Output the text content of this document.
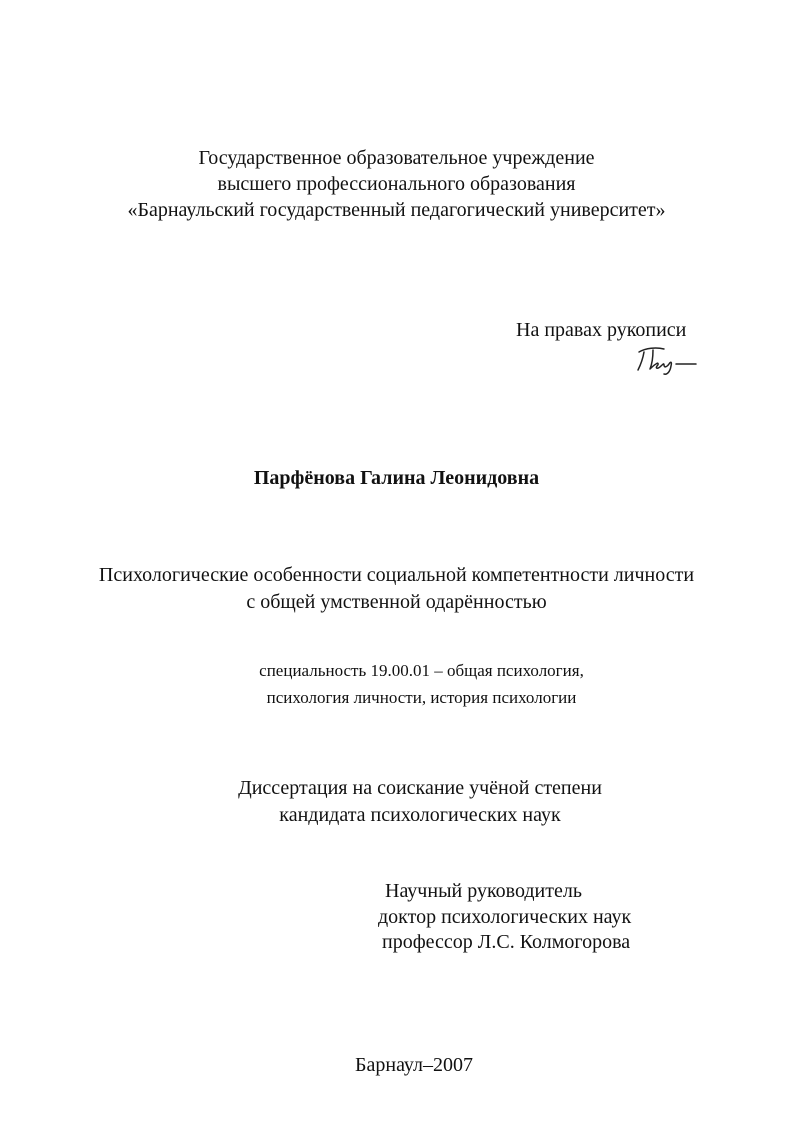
Государственное образовательное учреждение
высшего профессионального образования
«Барнаульский государственный педагогический университет»
На правах рукописи
Парфёнова Галина Леонидовна
Психологические особенности социальной компетентности личности
с общей умственной одарённостью
специальность 19.00.01 – общая психология,
психология личности, история психологии
Диссертация на соискание учёной степени
кандидата психологических наук
Научный руководитель
доктор психологических наук
профессор Л.С. Колмогорова
Барнаул–2007
